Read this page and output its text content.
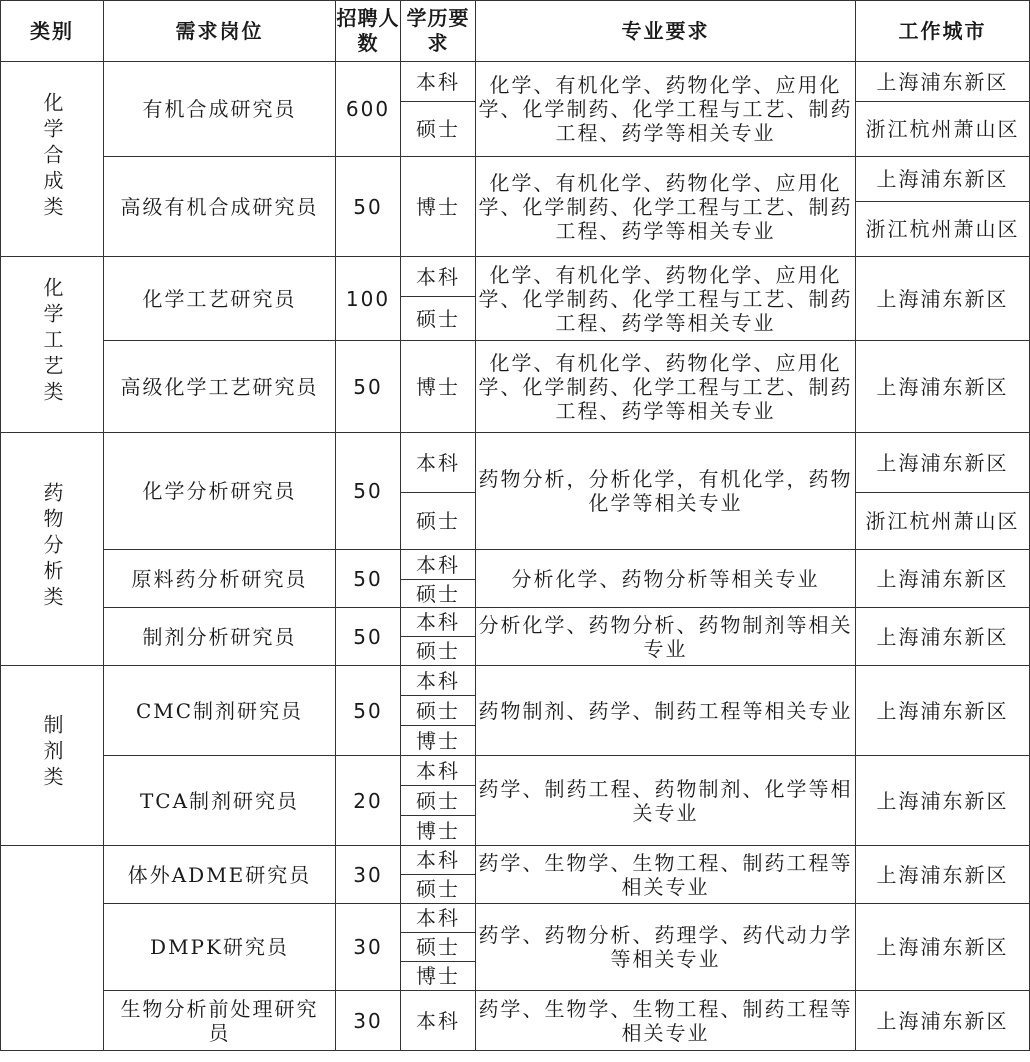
类别	需求岗位	招聘人数	学历要求	专业要求	工作城市
化学合成类	有机合成研究员	600	本科	化学、有机化学、药物化学、应用化学、化学制药、化学工程与工艺、制药工程、药学等相关专业	上海浦东新区
			硕士		浙江杭州萧山区
	高级有机合成研究员	50	博士	化学、有机化学、药物化学、应用化学、化学制药、化学工程与工艺、制药工程、药学等相关专业	上海浦东新区
					浙江杭州萧山区
化学工艺类	化学工艺研究员	100	本科	化学、有机化学、药物化学、应用化学、化学制药、化学工程与工艺、制药工程、药学等相关专业	上海浦东新区
			硕士		
	高级化学工艺研究员	50	博士	化学、有机化学、药物化学、应用化学、化学制药、化学工程与工艺、制药工程、药学等相关专业	上海浦东新区
药物分析类	化学分析研究员	50	本科	药物分析，分析化学，有机化学，药物化学等相关专业	上海浦东新区
			硕士		浙江杭州萧山区
	原料药分析研究员	50	本科	分析化学、药物分析等相关专业	上海浦东新区
			硕士		
	制剂分析研究员	50	本科	分析化学、药物分析、药物制剂等相关专业	上海浦东新区
			硕士		
制剂类	CMC制剂研究员	50	本科	药物制剂、药学、制药工程等相关专业	上海浦东新区
			硕士		
			博士		
	TCA制剂研究员	20	本科	药学、制药工程、药物制剂、化学等相关专业	上海浦东新区
			硕士		
			博士		
	体外ADME研究员	30	本科	药学、生物学、生物工程、制药工程等相关专业	上海浦东新区
			硕士		
	DMPK研究员	30	本科	药学、药物分析、药理学、药代动力学等相关专业	上海浦东新区
			硕士		
			博士		
	生物分析前处理研究员	30	本科	药学、生物学、生物工程、制药工程等相关专业	上海浦东新区
